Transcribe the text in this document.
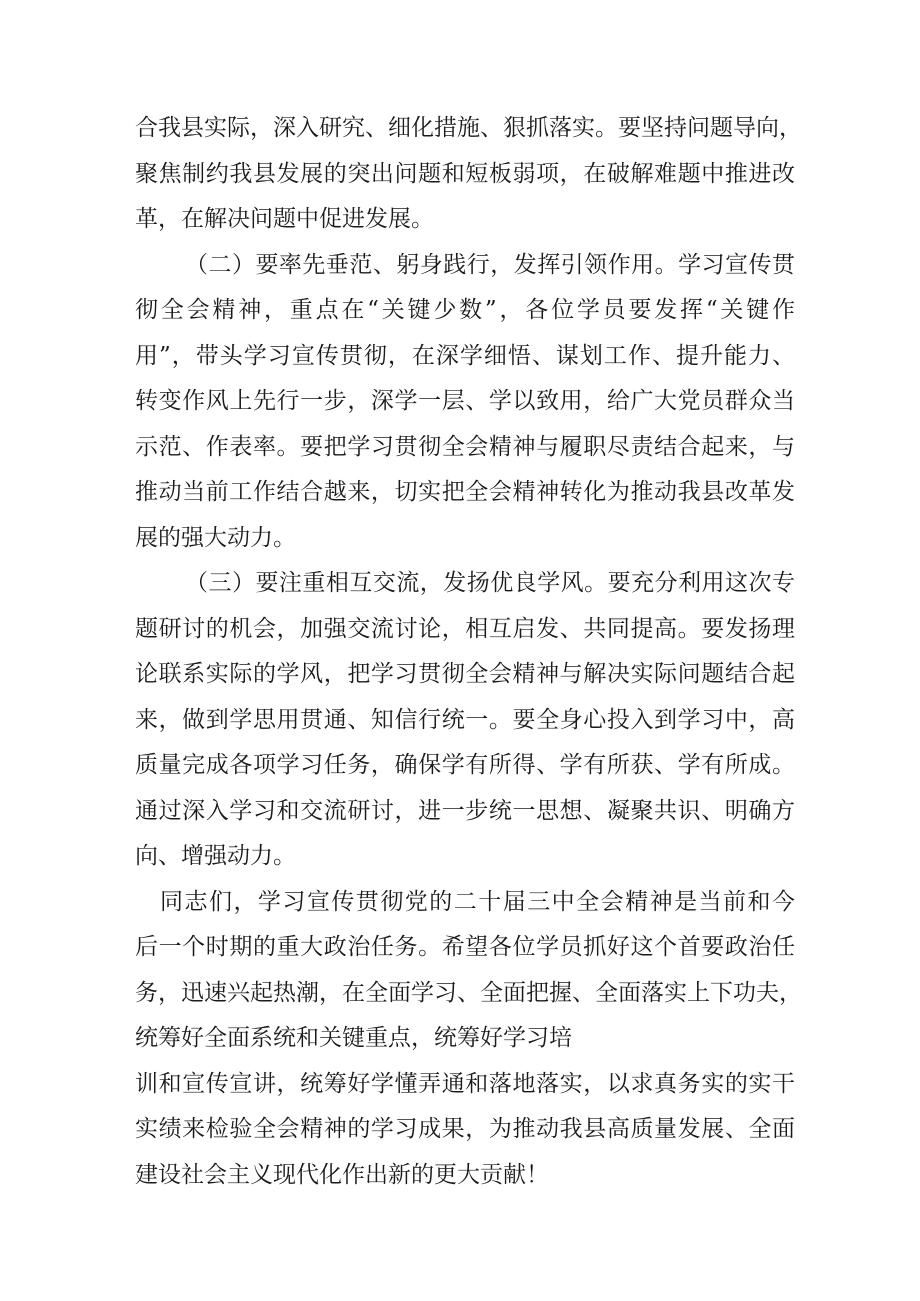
合我县实际，深入研究、细化措施、狠抓落实。要坚持问题导向，
聚焦制约我县发展的突出问题和短板弱项，在破解难题中推进改
革，在解决问题中促进发展。
（二）要率先垂范、躬身践行，发挥引领作用。学习宣传贯
彻全会精神，重点在“关键少数”，各位学员要发挥“关键作
用”，带头学习宣传贯彻，在深学细悟、谋划工作、提升能力、
转变作风上先行一步，深学一层、学以致用，给广大党员群众当
示范、作表率。要把学习贯彻全会精神与履职尽责结合起来，与
推动当前工作结合越来，切实把全会精神转化为推动我县改革发
展的强大动力。
（三）要注重相互交流，发扬优良学风。要充分利用这次专
题研讨的机会，加强交流讨论，相互启发、共同提高。要发扬理
论联系实际的学风，把学习贯彻全会精神与解决实际问题结合起
来，做到学思用贯通、知信行统一。要全身心投入到学习中，高
质量完成各项学习任务，确保学有所得、学有所获、学有所成。
通过深入学习和交流研讨，进一步统一思想、凝聚共识、明确方
向、增强动力。
同志们，学习宣传贯彻党的二十届三中全会精神是当前和今
后一个时期的重大政治任务。希望各位学员抓好这个首要政治任
务，迅速兴起热潮，在全面学习、全面把握、全面落实上下功夫，
统筹好全面系统和关键重点，统筹好学习培
训和宣传宣讲，统筹好学懂弄通和落地落实，以求真务实的实干
实绩来检验全会精神的学习成果，为推动我县高质量发展、全面
建设社会主义现代化作出新的更大贡献！
